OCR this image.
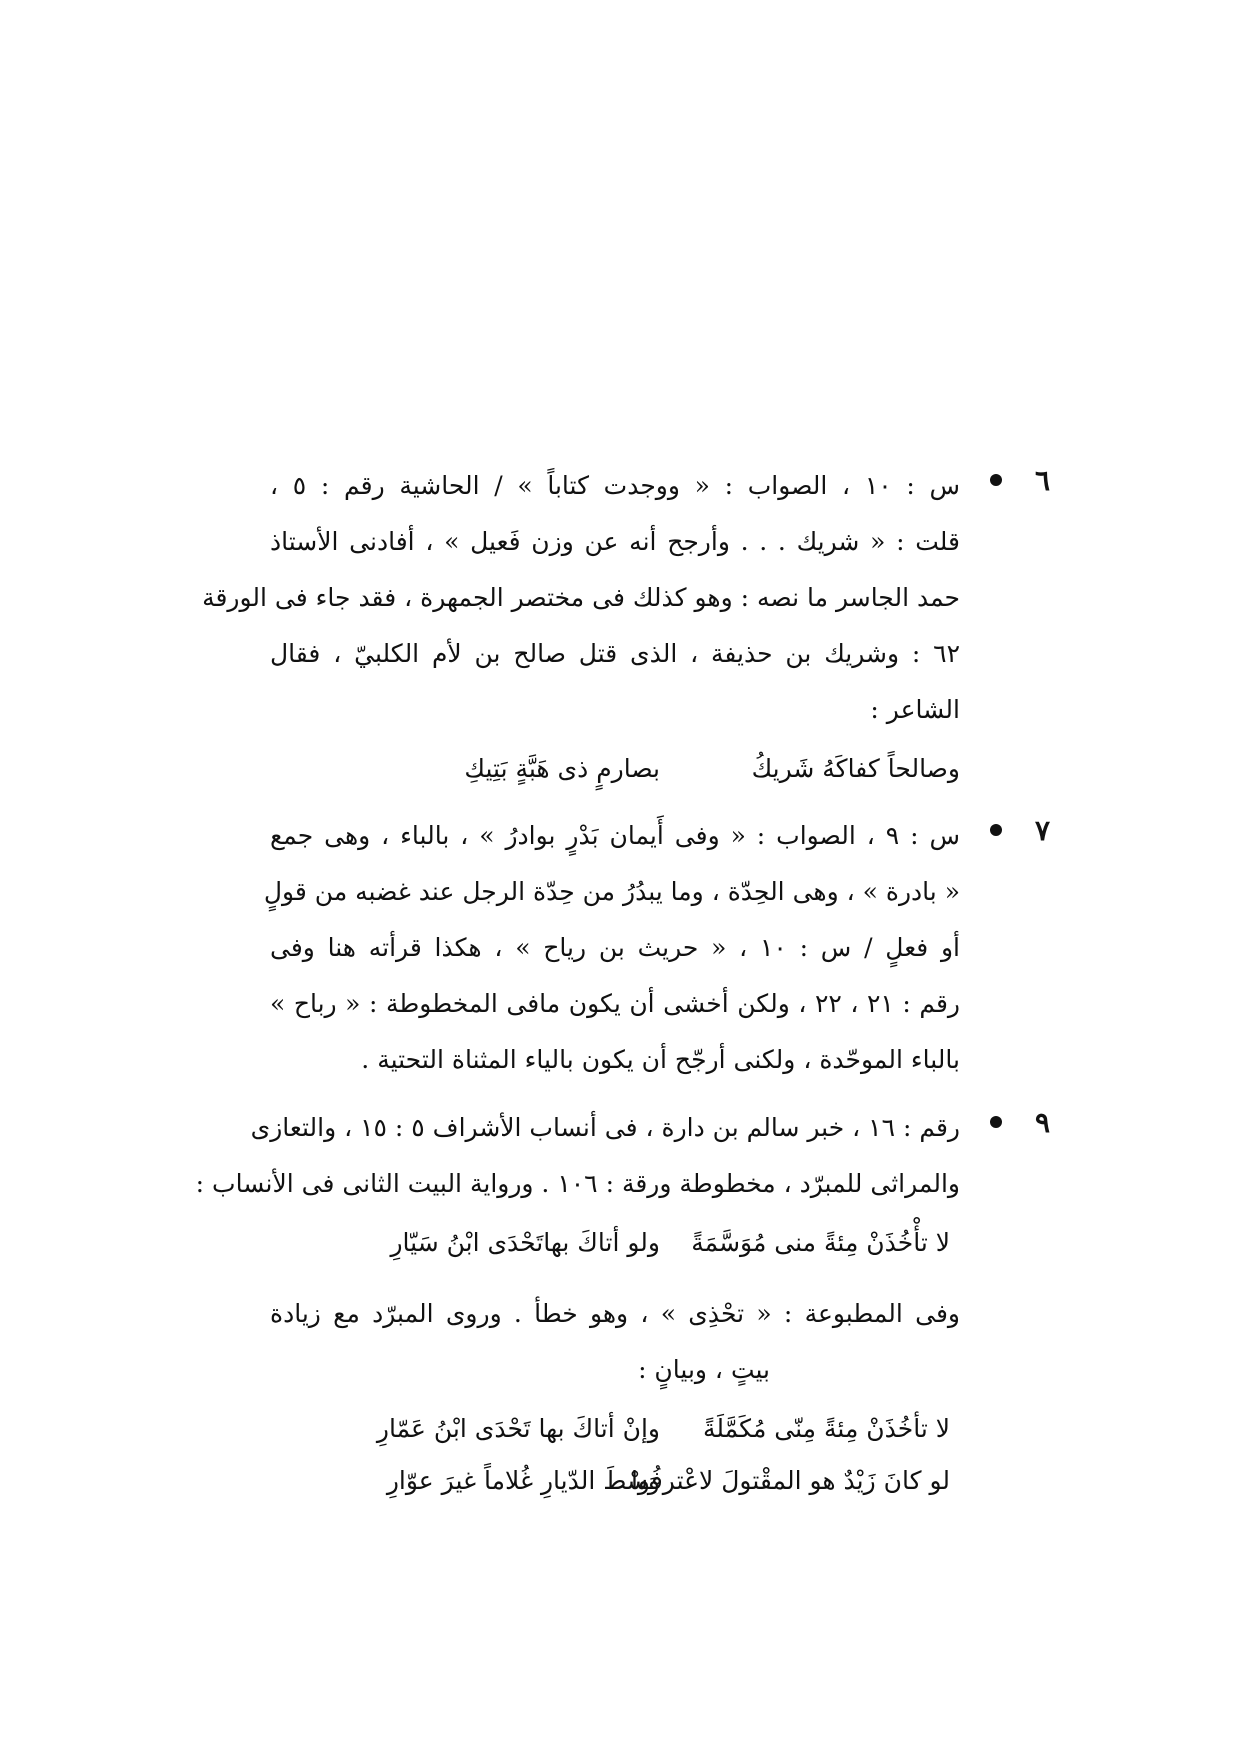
٦
س : ١٠ ، الصواب : « ووجدت كتاباً » / الحاشية رقم : ٥ ،
قلت : « شريك . . . وأرجح أنه عن وزن فَعيل » ، أفادنى الأستاذ
حمد الجاسر ما نصه : وهو كذلك فى مختصر الجمهرة ، فقد جاء فى الورقة
٦٢ : وشريك بن حذيفة ، الذى قتل صالح بن لأم الكلبيّ ، فقال
الشاعر :
وصالحاً كفاكَهُ شَريكُ
بصارمٍ ذى هَبَّةٍ بَتِيكِ
٧
س : ٩ ، الصواب : « وفى أَيمان بَدْرٍ بوادرُ » ، بالباء ، وهى جمع
« بادرة » ، وهى الحِدّة ، وما يبدُرُ من حِدّة الرجل عند غضبه من قولٍ
أو فعلٍ / س : ١٠ ، « حريث بن رياح » ، هكذا قرأته هنا وفى
رقم : ٢١ ، ٢٢ ، ولكن أخشى أن يكون مافى المخطوطة : « رباح »
بالباء الموحّدة ، ولكنى أرجّح أن يكون بالياء المثناة التحتية .
٩
رقم : ١٦ ، خبر سالم بن دارة ، فى أنساب الأشراف ٥ : ١٥ ، والتعازى
والمراثى للمبرّد ، مخطوطة ورقة : ١٠٦ . ورواية البيت الثانى فى الأنساب :
لا تأْخُذَنْ مِئةً منى مُوَسَّمَةً
ولو أتاكَ بهاتَحْدَى ابْنُ سَيّارِ
وفى المطبوعة : « تحْذِى » ، وهو خطأ . وروى المبرّد مع زيادة
بيتٍ ، وبيانٍ :
لا تأخُذَنْ مِئةً مِنّى مُكَمَّلَةً
وإنْ أتاكَ بها تَحْدَى ابْنُ عَمّارِ
لو كانَ زَيْدٌ هو المقْتولَ لاعْترفُوا
وَسْطَ الدّيارِ غُلاماً غيرَ عوّارِ
